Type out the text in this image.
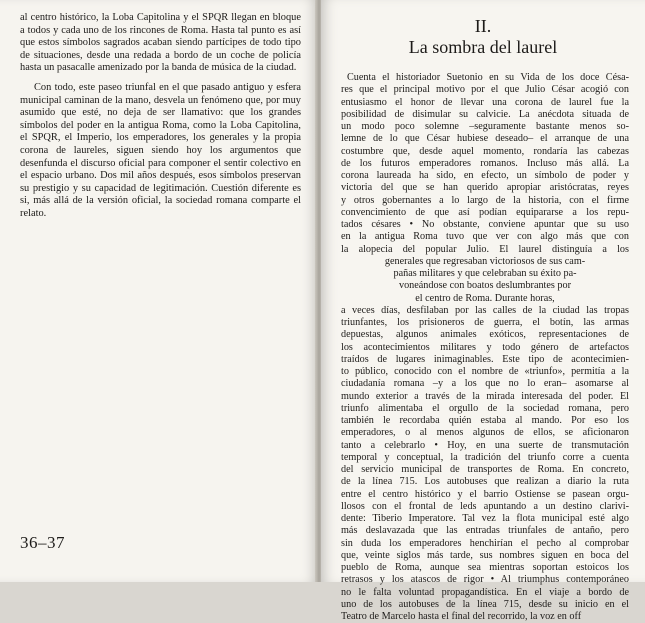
al centro histórico, la Loba Capitolina y el SPQR llegan en bloque a todos y cada uno de los rincones de Roma. Hasta tal punto es así que estos símbolos sagrados acaban siendo partícipes de todo tipo de situaciones, desde una redada a bordo de un coche de policía hasta un pasacalle amenizado por la banda de música de la ciudad.

Con todo, este paseo triunfal en el que pasado antiguo y esfera municipal caminan de la mano, desvela un fenómeno que, por muy asumido que esté, no deja de ser llamativo: que los grandes símbolos del poder en la antigua Roma, como la Loba Capitolina, el SPQR, el Imperio, los emperadores, los generales y la propia corona de laureles, siguen siendo hoy los argumentos que desenfunda el discurso oficial para componer el sentir colectivo en el espacio urbano. Dos mil años después, esos símbolos preservan su prestigio y su capacidad de legitimación. Cuestión diferente es si, más allá de la versión oficial, la sociedad romana comparte el relato.

36–37
II.
La sombra del laurel
Cuenta el historiador Suetonio en su Vida de los doce Césa-
res que el principal motivo por el que Julio César acogió con
entusiasmo el honor de llevar una corona de laurel fue la
posibilidad de disimular su calvicie. La anécdota situada de
un modo poco solemne –seguramente bastante menos so-
lemne de lo que César hubiese deseado– el arranque de una
costumbre que, desde aquel momento, rondaría las cabezas
de los futuros emperadores romanos. Incluso más allá. La
corona laureada ha sido, en efecto, un símbolo de poder y
victoria del que se han querido apropiar aristócratas, reyes
y otros gobernantes a lo largo de la historia, con el firme
convencimiento de que así podían equipararse a los repu-
tados césares • No obstante, conviene apuntar que su uso
en la antigua Roma tuvo que ver con algo más que con
la alopecia del popular Julio. El laurel distinguía a los
generales que regresaban victoriosos de sus cam-
pañas militares y que celebraban su éxito pa-
voneándose con boatos deslumbrantes por
el centro de Roma. Durante horas,
a veces días, desfilaban por las calles de la ciudad las tropas
triunfantes, los prisioneros de guerra, el botín, las armas
depuestas, algunos animales exóticos, representaciones de
los acontecimientos militares y todo género de artefactos
traídos de lugares inimaginables. Este tipo de acontecimien-
to público, conocido con el nombre de «triunfo», permitía a la
ciudadanía romana –y a los que no lo eran– asomarse al
mundo exterior a través de la mirada interesada del poder. El
triunfo alimentaba el orgullo de la sociedad romana, pero
también le recordaba quién estaba al mando. Por eso los
emperadores, o al menos algunos de ellos, se aficionaron
tanto a celebrarlo • Hoy, en una suerte de transmutación
temporal y conceptual, la tradición del triunfo corre a cuenta
del servicio municipal de transportes de Roma. En concreto,
de la línea 715. Los autobuses que realizan a diario la ruta
entre el centro histórico y el barrio Ostiense se pasean orgu-
llosos con el frontal de leds apuntando a un destino clarivi-
dente: Tiberio Imperatore. Tal vez la flota municipal esté algo
más deslavazada que las entradas triunfales de antaño, pero
sin duda los emperadores henchirían el pecho al comprobar
que, veinte siglos más tarde, sus nombres siguen en boca del
pueblo de Roma, aunque sea mientras soportan estoicos los
retrasos y los atascos de rigor • Al triumphus contemporáneo
no le falta voluntad propagandística. En el viaje a bordo de
uno de los autobuses de la línea 715, desde su inicio en el
Teatro de Marcelo hasta el final del recorrido, la voz en off
